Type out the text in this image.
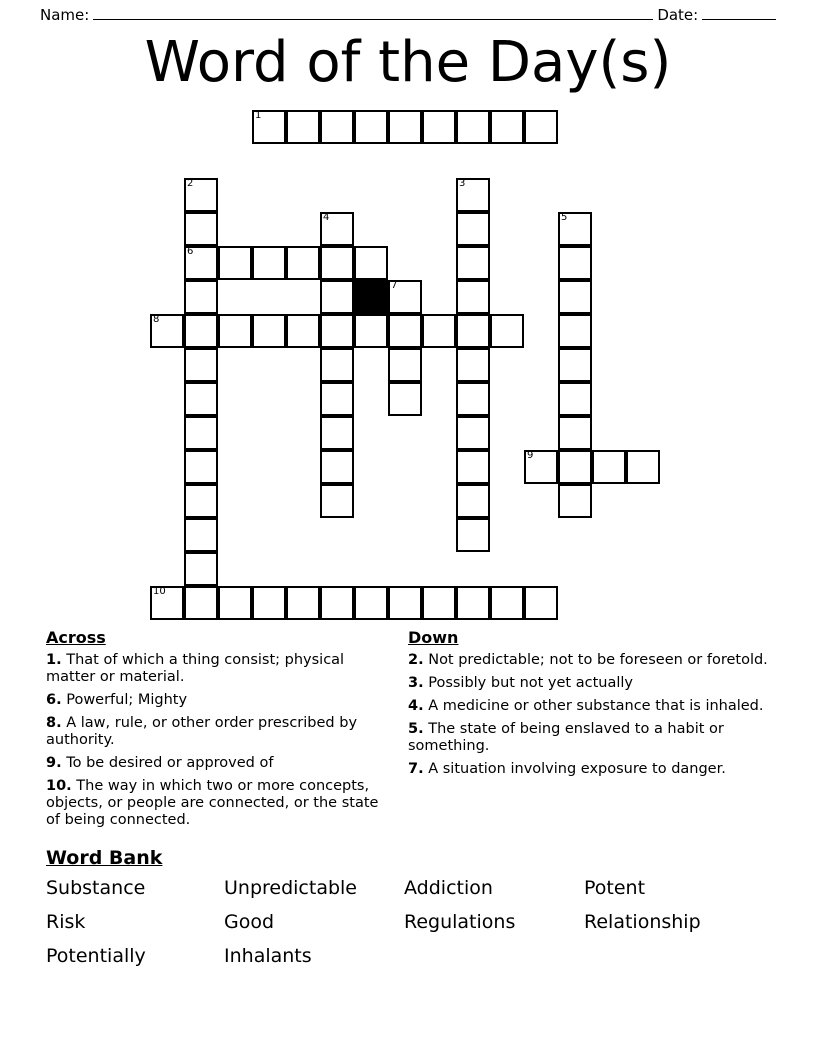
Name:	Date:
Word of the Day(s)
1
2	3
4	5
6
7
8
9
10
Across

1. That of which a thing consist; physical matter or material.

6. Powerful; Mighty

8. A law, rule, or other order prescribed by authority.

9. To be desired or approved of

10. The way in which two or more concepts, objects, or people are connected, or the state of being connected.

Down

2. Not predictable; not to be foreseen or foretold.

3. Possibly but not yet actually

4. A medicine or other substance that is inhaled.

5. The state of being enslaved to a habit or something.

7. A situation involving exposure to danger.

Word Bank
Substance	Unpredictable	Addiction	Potent
Risk	Good	Regulations	Relationship
Potentially	Inhalants
